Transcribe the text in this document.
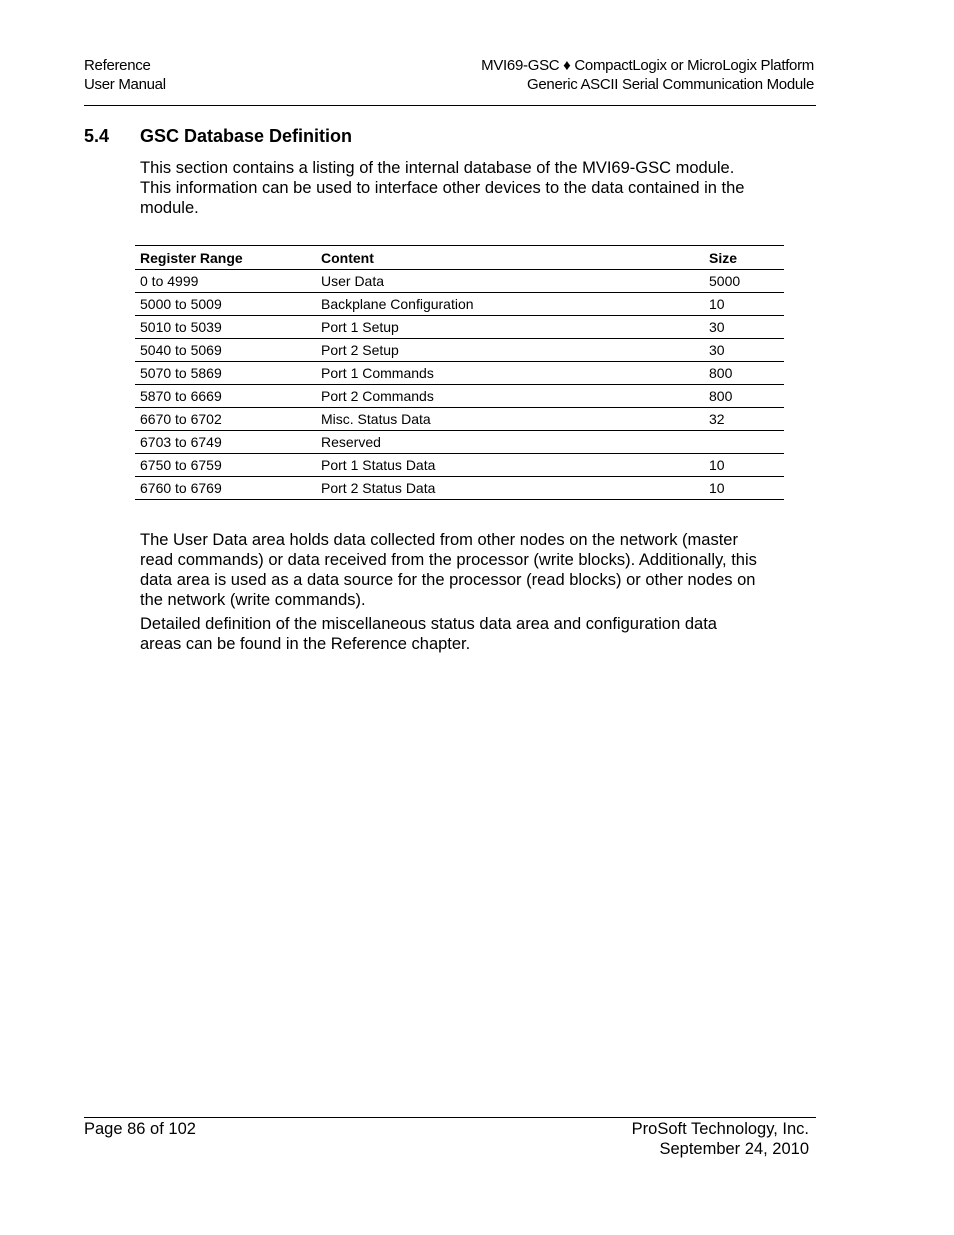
Reference
User Manual
MVI69-GSC ♦ CompactLogix or MicroLogix Platform
Generic ASCII Serial Communication Module
5.4 GSC Database Definition

This section contains a listing of the internal database of the MVI69-GSC module. This information can be used to interface other devices to the data contained in the module.

Register Range	Content	Size
0 to 4999	User Data	5000
5000 to 5009	Backplane Configuration	10
5010 to 5039	Port 1 Setup	30
5040 to 5069	Port 2 Setup	30
5070 to 5869	Port 1 Commands	800
5870 to 6669	Port 2 Commands	800
6670 to 6702	Misc. Status Data	32
6703 to 6749	Reserved	
6750 to 6759	Port 1 Status Data	10
6760 to 6769	Port 2 Status Data	10

The User Data area holds data collected from other nodes on the network (master read commands) or data received from the processor (write blocks). Additionally, this data area is used as a data source for the processor (read blocks) or other nodes on the network (write commands).

Detailed definition of the miscellaneous status data area and configuration data areas can be found in the Reference chapter.

Page 86 of 102	ProSoft Technology, Inc.
September 24, 2010
